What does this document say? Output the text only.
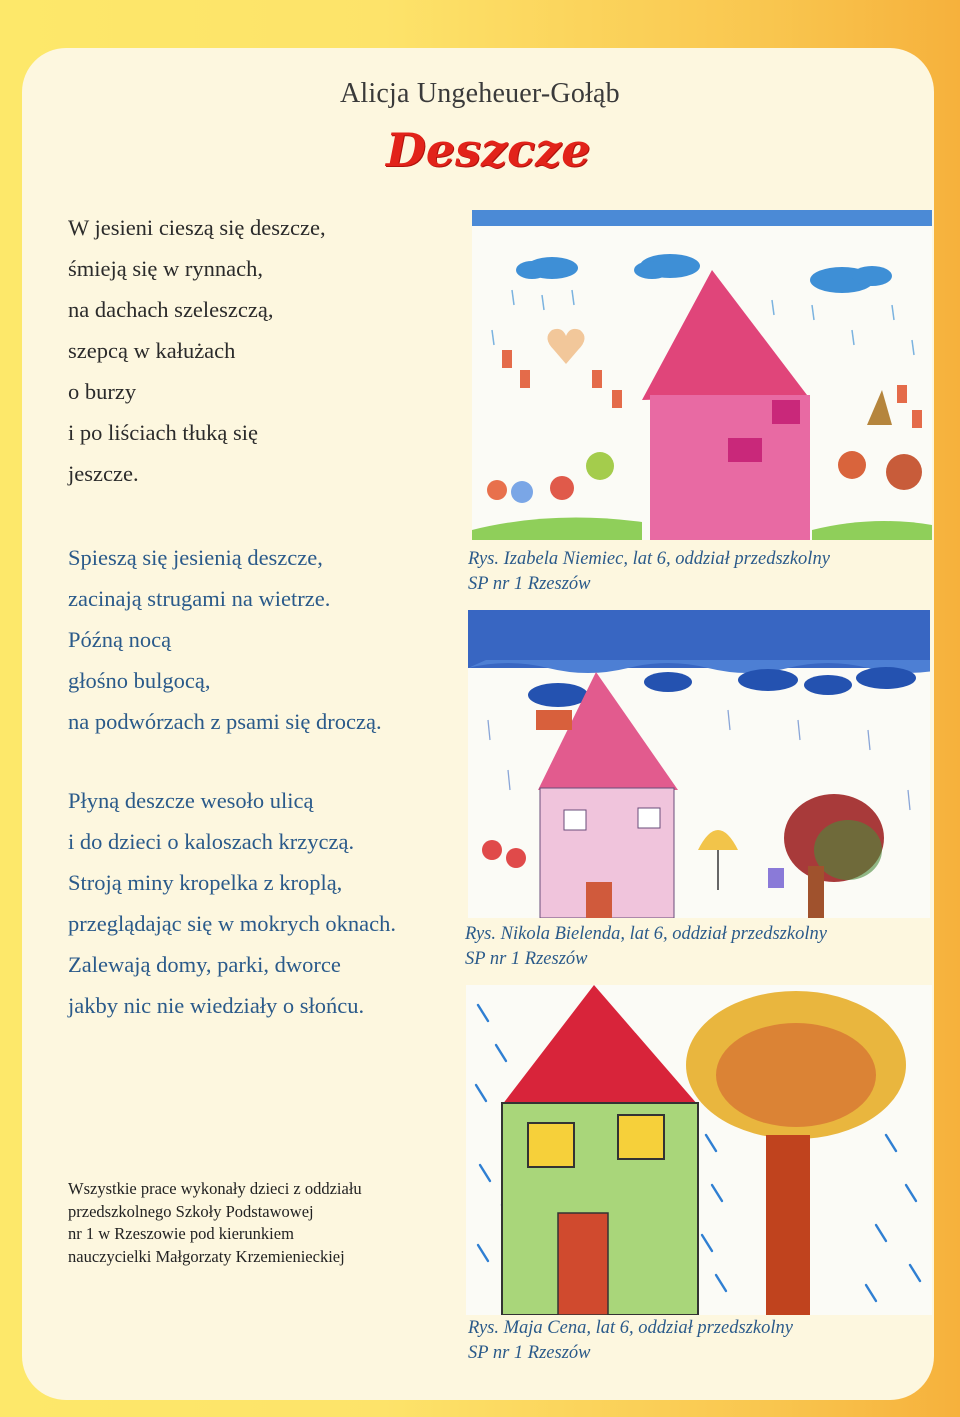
Alicja Ungeheuer-Gołąb
Deszcze
W jesieni cieszą się deszcze,
śmieją się w rynnach,
na dachach szeleszczą,
szepcą w kałużach
o burzy
i po liściach tłuką się
jeszcze.
Spieszą się jesienią deszcze,
zacinają strugami na wietrze.
Późną nocą
głośno bulgocą,
na podwórzach z psami się droczą.
Płyną deszcze wesoło ulicą
i do dzieci o kaloszach krzyczą.
Stroją miny kropelka z kroplą,
przeglądając się w mokrych oknach.
Zalewają domy, parki, dworce
jakby nic nie wiedziały o słońcu.
Rys. Izabela Niemiec, lat 6, oddział przedszkolny
SP nr 1 Rzeszów
Rys. Nikola Bielenda, lat 6, oddział przedszkolny
SP nr 1 Rzeszów
Rys. Maja Cena, lat 6, oddział przedszkolny
SP nr 1 Rzeszów
Wszystkie prace wykonały dzieci z oddziału
przedszkolnego Szkoły Podstawowej
nr 1 w Rzeszowie pod kierunkiem
nauczycielki Małgorzaty Krzemienieckiej
